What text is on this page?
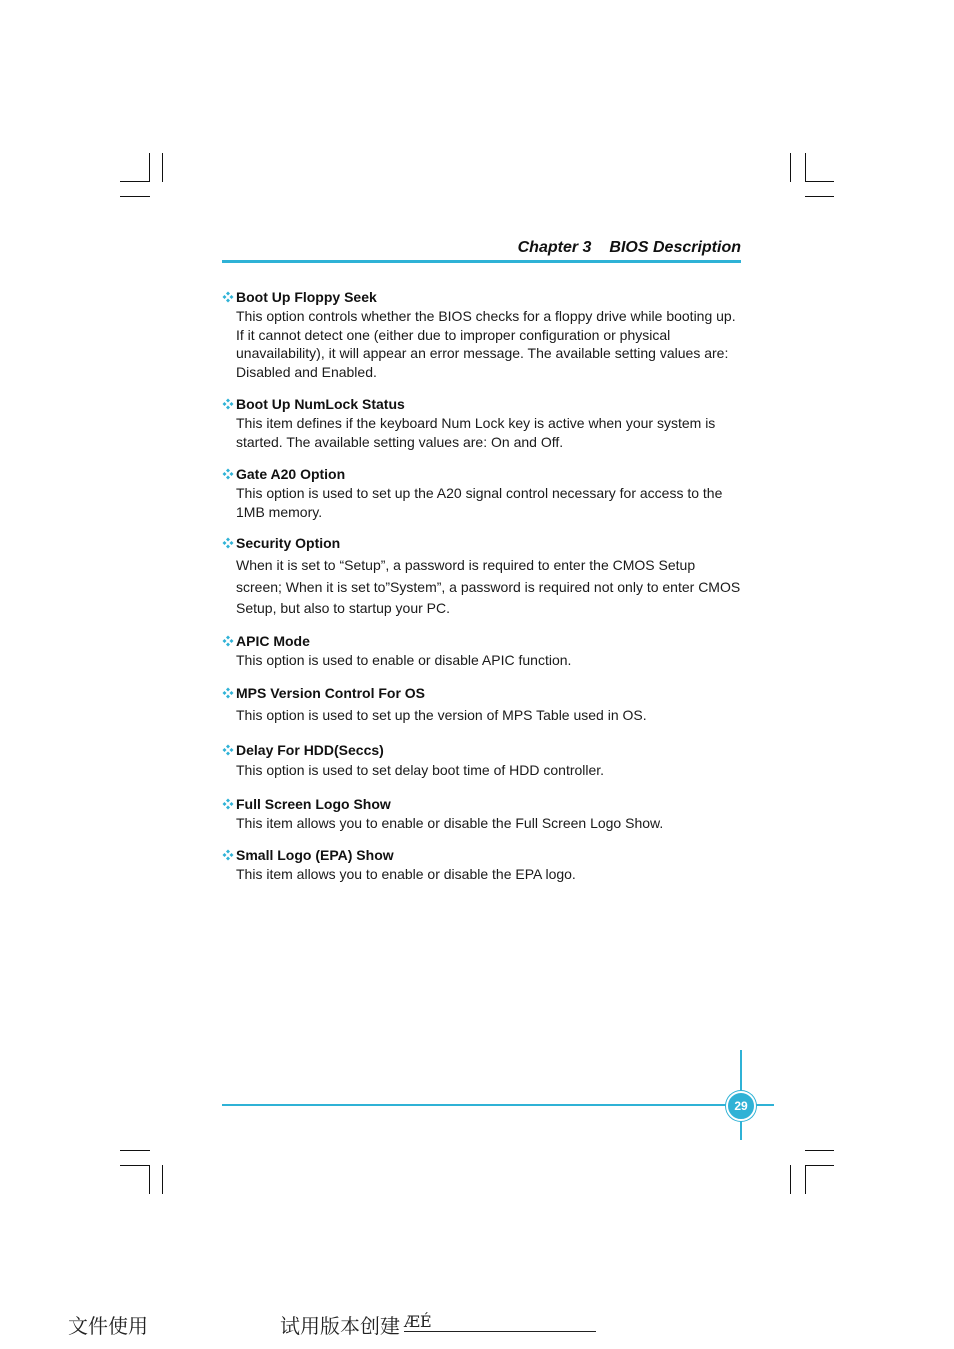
Chapter 3 BIOS Description
Boot Up Floppy Seek
This option controls whether the BIOS checks for a floppy drive while booting up. If it cannot detect one (either due to improper configuration or physical unavailability), it will appear an error message. The available setting values are: Disabled and Enabled.
Boot Up NumLock Status
This item defines if the keyboard Num Lock key is active when your system is started. The available setting values are: On and Off.
Gate A20 Option
This option is used to set up the A20 signal control necessary for access to the 1MB memory.
Security Option
When it is set to “Setup”, a password is required to enter the CMOS Setup screen; When it is set to”System”, a password is required not only to enter CMOS Setup, but also to startup your PC.
APIC Mode
This option is used to enable or disable APIC function.
MPS Version Control For OS
This option is used to set up the version of MPS Table used in OS.
Delay For HDD(Seccs)
This option is used to set delay boot time of HDD controller.
Full Screen Logo Show
This item allows you to enable or disable the Full Screen Logo Show.
Small Logo (EPA) Show
This item allows you to enable or disable the EPA logo.
29
文件使用	试用版本创建 ÆÉ
